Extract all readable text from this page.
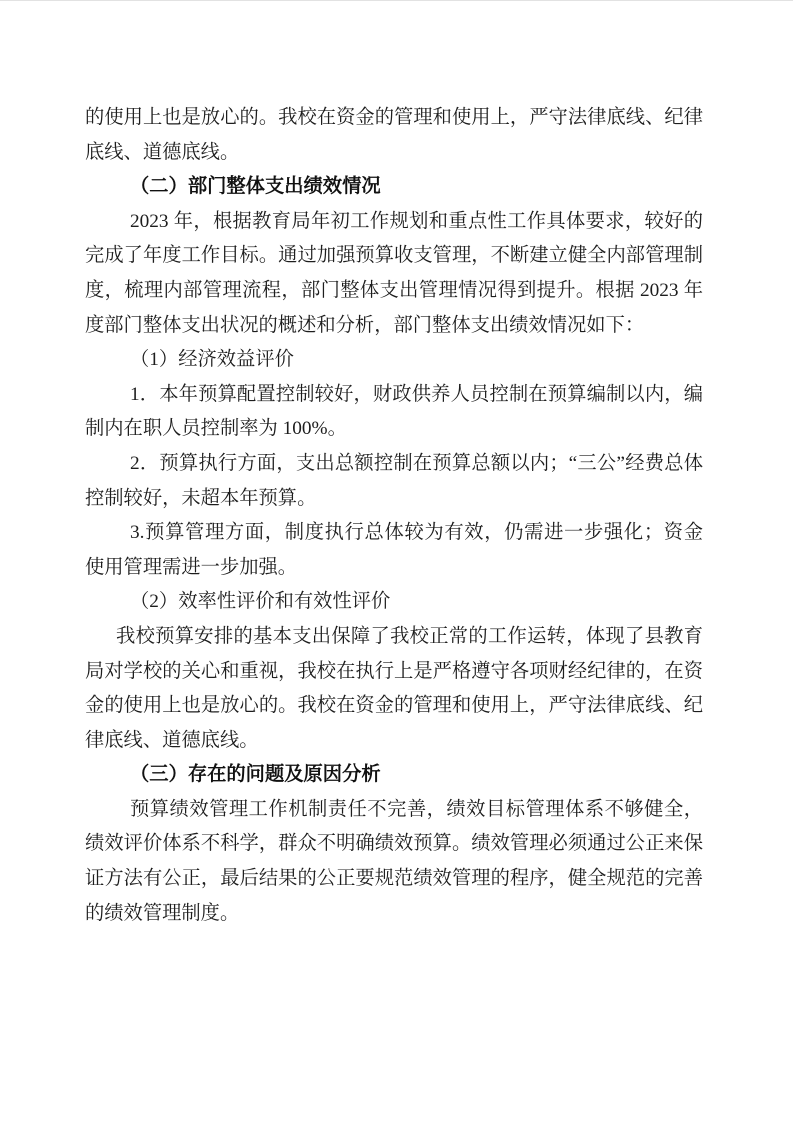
的使用上也是放心的。我校在资金的管理和使用上，严守法律底线、纪律底线、道德底线。

（二）部门整体支出绩效情况

2023 年，根据教育局年初工作规划和重点性工作具体要求，较好的完成了年度工作目标。通过加强预算收支管理，不断建立健全内部管理制度，梳理内部管理流程，部门整体支出管理情况得到提升。根据 2023 年度部门整体支出状况的概述和分析，部门整体支出绩效情况如下：

（1）经济效益评价

1．本年预算配置控制较好，财政供养人员控制在预算编制以内，编制内在职人员控制率为 100%。

2．预算执行方面，支出总额控制在预算总额以内；“三公”经费总体控制较好，未超本年预算。

3.预算管理方面，制度执行总体较为有效，仍需进一步强化；资金使用管理需进一步加强。

（2）效率性评价和有效性评价

我校预算安排的基本支出保障了我校正常的工作运转，体现了县教育局对学校的关心和重视，我校在执行上是严格遵守各项财经纪律的，在资金的使用上也是放心的。我校在资金的管理和使用上，严守法律底线、纪律底线、道德底线。

（三）存在的问题及原因分析

预算绩效管理工作机制责任不完善，绩效目标管理体系不够健全，绩效评价体系不科学，群众不明确绩效预算。绩效管理必须通过公正来保证方法有公正，最后结果的公正要规范绩效管理的程序，健全规范的完善的绩效管理制度。
